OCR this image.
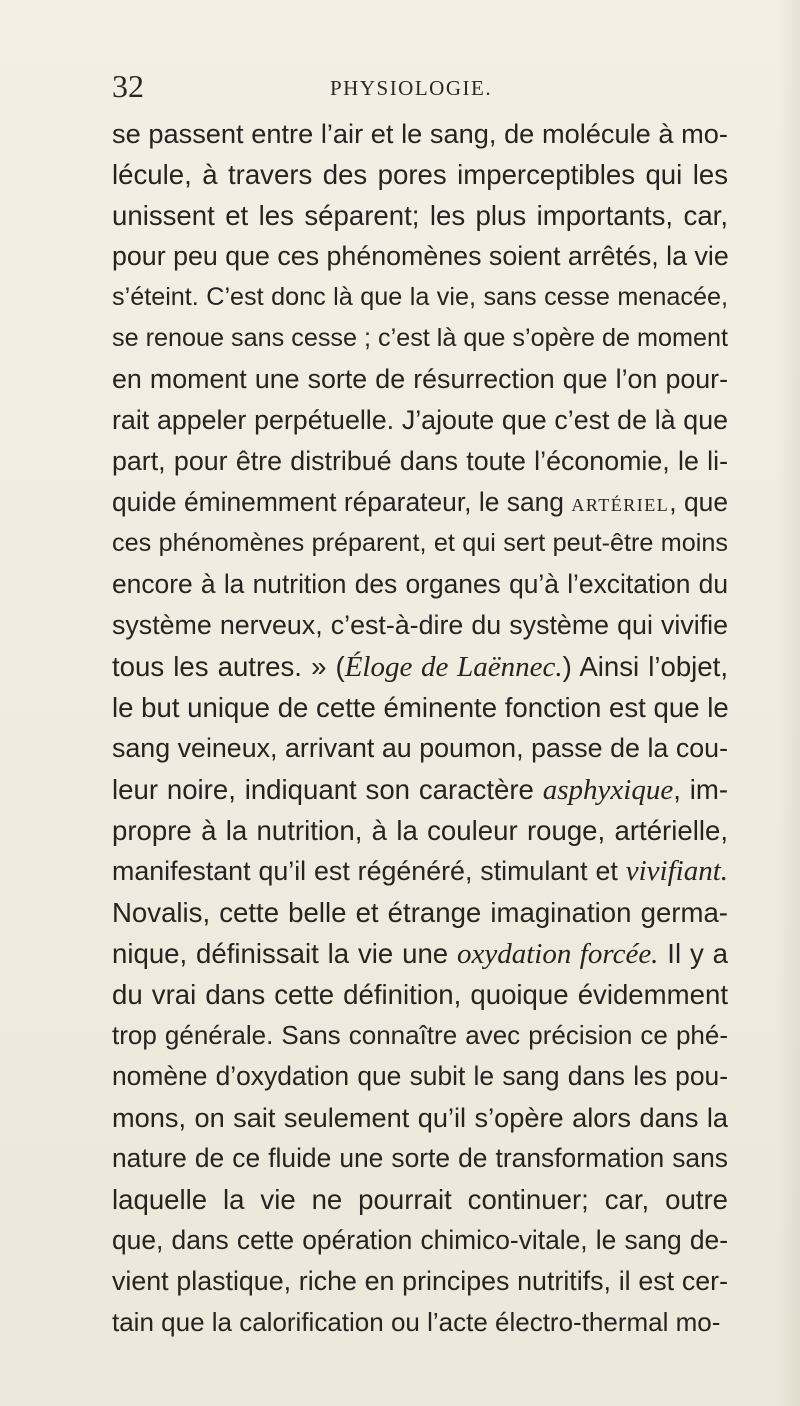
32	PHYSIOLOGIE.
se passent entre l’air et le sang, de molécule à mo-
lécule, à travers des pores imperceptibles qui les
unissent et les séparent; les plus importants, car,
pour peu que ces phénomènes soient arrêtés, la vie
s’éteint. C’est donc là que la vie, sans cesse menacée,
se renoue sans cesse ; c’est là que s’opère de moment
en moment une sorte de résurrection que l’on pour-
rait appeler perpétuelle. J’ajoute que c’est de là que
part, pour être distribué dans toute l’économie, le li-
quide éminemment réparateur, le sang artériel, que
ces phénomènes préparent, et qui sert peut-être moins
encore à la nutrition des organes qu’à l’excitation du
système nerveux, c’est-à-dire du système qui vivifie
tous les autres. » (Éloge de Laënnec.) Ainsi l’objet,
le but unique de cette éminente fonction est que le
sang veineux, arrivant au poumon, passe de la cou-
leur noire, indiquant son caractère asphyxique, im-
propre à la nutrition, à la couleur rouge, artérielle,
manifestant qu’il est régénéré, stimulant et vivifiant.
Novalis, cette belle et étrange imagination germa-
nique, définissait la vie une oxydation forcée. Il y a
du vrai dans cette définition, quoique évidemment
trop générale. Sans connaître avec précision ce phé-
nomène d’oxydation que subit le sang dans les pou-
mons, on sait seulement qu’il s’opère alors dans la
nature de ce fluide une sorte de transformation sans
laquelle la vie ne pourrait continuer; car, outre
que, dans cette opération chimico-vitale, le sang de-
vient plastique, riche en principes nutritifs, il est cer-
tain que la calorification ou l’acte électro-thermal mo-
